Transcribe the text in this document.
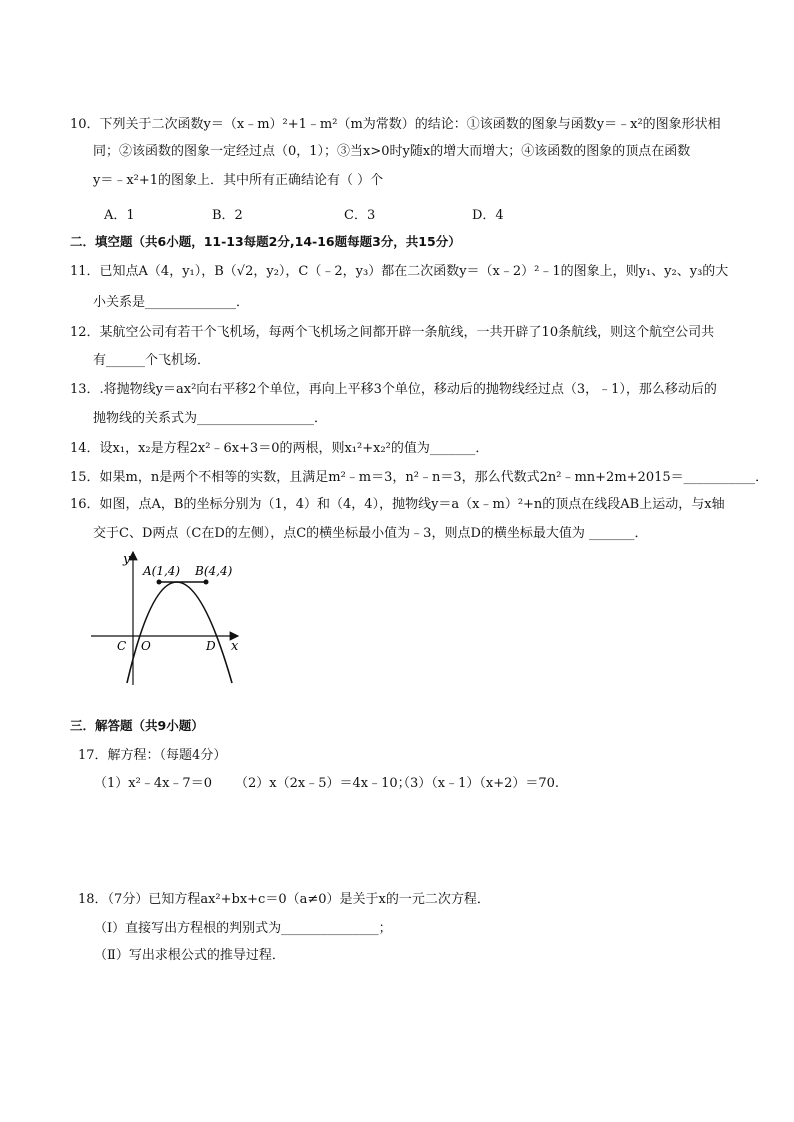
10．下列关于二次函数y＝（x﹣m）²+1﹣m²（m为常数）的结论：①该函数的图象与函数y＝﹣x²的图象形状相
同；②该函数的图象一定经过点（0，1）；③当x>0时y随x的增大而增大；④该函数的图象的顶点在函数
y＝﹣x²+1的图象上．其中所有正确结论有（ ）个
A．1	B．2	C．3	D．4
二．填空题（共6小题，11-13每题2分,14-16题每题3分，共15分）
11．已知点A（4，y₁），B（√2，y₂），C（﹣2，y₃）都在二次函数y＝（x﹣2）²﹣1的图象上，则y₁、y₂、y₃的大
小关系是______________．
12．某航空公司有若干个飞机场，每两个飞机场之间都开辟一条航线，一共开辟了10条航线，则这个航空公司共
有______个飞机场．
13．.将抛物线y＝ax²向右平移2个单位，再向上平移3个单位，移动后的抛物线经过点（3，﹣1），那么移动后的
抛物线的关系式为__________________．
14．设x₁，x₂是方程2x²﹣6x+3＝0的两根，则x₁²+x₂²的值为_______．
15．如果m，n是两个不相等的实数，且满足m²﹣m＝3，n²﹣n＝3，那么代数式2n²﹣mn+2m+2015＝___________．
16．如图，点A，B的坐标分别为（1，4）和（4，4），抛物线y＝a（x﹣m）²+n的顶点在线段AB上运动，与x轴
交于C、D两点（C在D的左侧），点C的横坐标最小值为﹣3，则点D的横坐标最大值为 _______．
y
A(1,4) B(4,4)
C O	D x
三．解答题（共9小题）
17．解方程：（每题4分）
（1）x²﹣4x﹣7＝0 （2）x（2x﹣5）＝4x﹣10；
（3）（x﹣1）（x+2）＝70.
18．（7分）已知方程ax²+bx+c＝0（a≠0）是关于x的一元二次方程．
（Ⅰ）直接写出方程根的判别式为_______________；
（Ⅱ）写出求根公式的推导过程．
